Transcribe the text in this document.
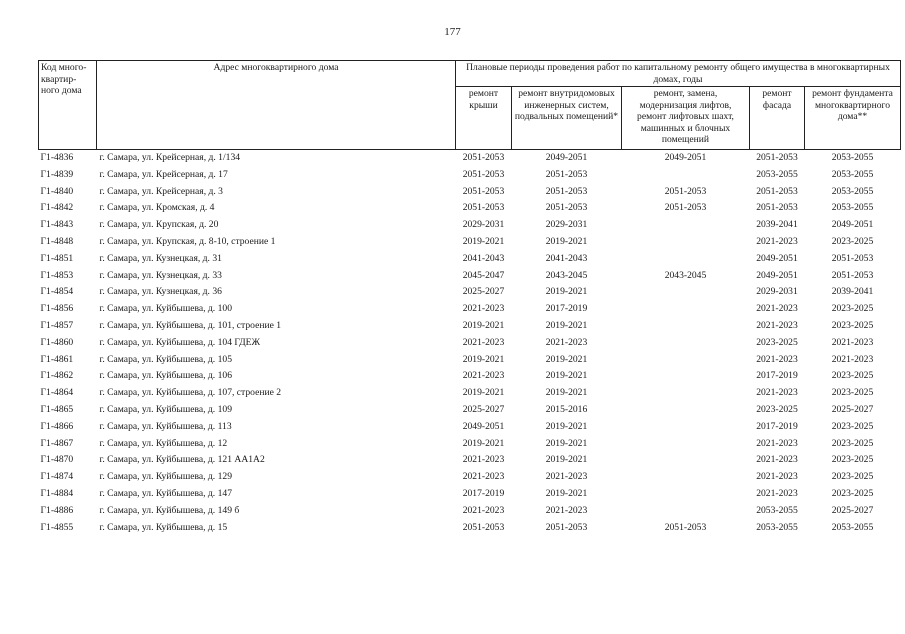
177
Код много-квартир-ного дома	Адрес многоквартирного дома	Плановые периоды проведения работ по капитальному ремонту общего имущества в многоквартирных домах, годы				
		ремонт крыши	ремонт внутридомовых инженерных систем, подвальных помещений*	ремонт, замена, модернизация лифтов, ремонт лифтовых шахт, машинных и блочных помещений	ремонт фасада	ремонт фундамента многоквартирного дома**
Г1-4836	г. Самара, ул. Крейсерная, д. 1/134	2051-2053	2049-2051	2049-2051	2051-2053	2053-2055
Г1-4839	г. Самара, ул. Крейсерная, д. 17	2051-2053	2051-2053		2053-2055	2053-2055
Г1-4840	г. Самара, ул. Крейсерная, д. 3	2051-2053	2051-2053	2051-2053	2051-2053	2053-2055
Г1-4842	г. Самара, ул. Кромская, д. 4	2051-2053	2051-2053	2051-2053	2051-2053	2053-2055
Г1-4843	г. Самара, ул. Крупская, д. 20	2029-2031	2029-2031		2039-2041	2049-2051
Г1-4848	г. Самара, ул. Крупская, д. 8-10, строение 1	2019-2021	2019-2021		2021-2023	2023-2025
Г1-4851	г. Самара, ул. Кузнецкая, д. 31	2041-2043	2041-2043		2049-2051	2051-2053
Г1-4853	г. Самара, ул. Кузнецкая, д. 33	2045-2047	2043-2045	2043-2045	2049-2051	2051-2053
Г1-4854	г. Самара, ул. Кузнецкая, д. 36	2025-2027	2019-2021		2029-2031	2039-2041
Г1-4856	г. Самара, ул. Куйбышева, д. 100	2021-2023	2017-2019		2021-2023	2023-2025
Г1-4857	г. Самара, ул. Куйбышева, д. 101, строение 1	2019-2021	2019-2021		2021-2023	2023-2025
Г1-4860	г. Самара, ул. Куйбышева, д. 104 ГДЕЖ	2021-2023	2021-2023		2023-2025	2021-2023
Г1-4861	г. Самара, ул. Куйбышева, д. 105	2019-2021	2019-2021		2021-2023	2021-2023
Г1-4862	г. Самара, ул. Куйбышева, д. 106	2021-2023	2019-2021		2017-2019	2023-2025
Г1-4864	г. Самара, ул. Куйбышева, д. 107, строение 2	2019-2021	2019-2021		2021-2023	2023-2025
Г1-4865	г. Самара, ул. Куйбышева, д. 109	2025-2027	2015-2016		2023-2025	2025-2027
Г1-4866	г. Самара, ул. Куйбышева, д. 113	2049-2051	2019-2021		2017-2019	2023-2025
Г1-4867	г. Самара, ул. Куйбышева, д. 12	2019-2021	2019-2021		2021-2023	2023-2025
Г1-4870	г. Самара, ул. Куйбышева, д. 121 АА1А2	2021-2023	2019-2021		2021-2023	2023-2025
Г1-4874	г. Самара, ул. Куйбышева, д. 129	2021-2023	2021-2023		2021-2023	2023-2025
Г1-4884	г. Самара, ул. Куйбышева, д. 147	2017-2019	2019-2021		2021-2023	2023-2025
Г1-4886	г. Самара, ул. Куйбышева, д. 149 б	2021-2023	2021-2023		2053-2055	2025-2027
Г1-4855	г. Самара, ул. Куйбышева, д. 15	2051-2053	2051-2053	2051-2053	2053-2055	2053-2055
